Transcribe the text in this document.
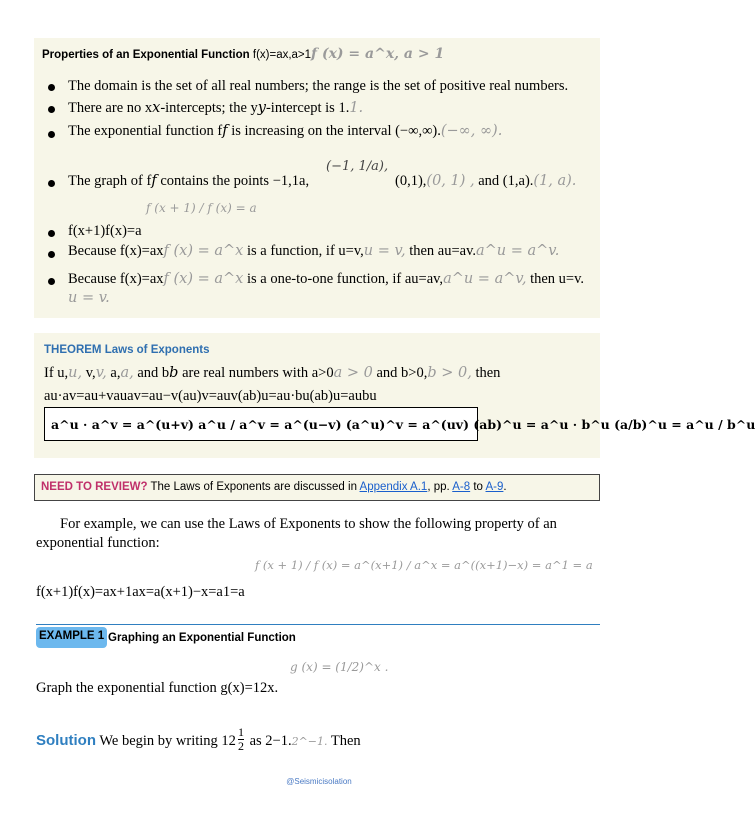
Properties of an Exponential Function f(x)=ax,a>1f (x) = a^x, a > 1
The domain is the set of all real numbers; the range is the set of positive real numbers.
There are no xx-intercepts; the yy-intercept is 1.1.
The exponential function ff is increasing on the interval (−∞,∞).(−∞, ∞).
The graph of ff contains the points −1,1a,
(−1, 1/a),
(0,1),(0, 1) , and (1,a).(1, a).
f (x + 1) / f (x) = a
f(x+1)f(x)=a
Because f(x)=axf (x) = a^x is a function, if u=v,u = v, then au=av.a^u = a^v.
Because f(x)=axf (x) = a^x is a one-to-one function, if au=av,a^u = a^v, then u=v.
u = v.
THEOREM Laws of Exponents
If u,u, v,v, a,a, and bb are real numbers with a>0a > 0 and b>0,b > 0, then
au·av=au+vauav=au−v(au)v=auv(ab)u=au·bu(ab)u=aubu
a^u · a^v = a^(u+v) a^u / a^v = a^(u−v) (a^u)^v = a^(uv) (ab)^u = a^u · b^u (a/b)^u = a^u / b^u
NEED TO REVIEW? The Laws of Exponents are discussed in Appendix A.1, pp. A-8 to A-9.
For example, we can use the Laws of Exponents to show the following property of an exponential function:
f (x + 1) / f (x) = a^(x+1) / a^x = a^((x+1)−x) = a^1 = a
f(x+1)f(x)=ax+1ax=a(x+1)−x=a1=a
EXAMPLE 1 Graphing an Exponential Function
g (x) = (1/2)^x .
Graph the exponential function g(x)=12x.
Solution We begin by writing $12 \frac{1}{2}$ as 2−1.2^−1. Then
@Seismicisolation
